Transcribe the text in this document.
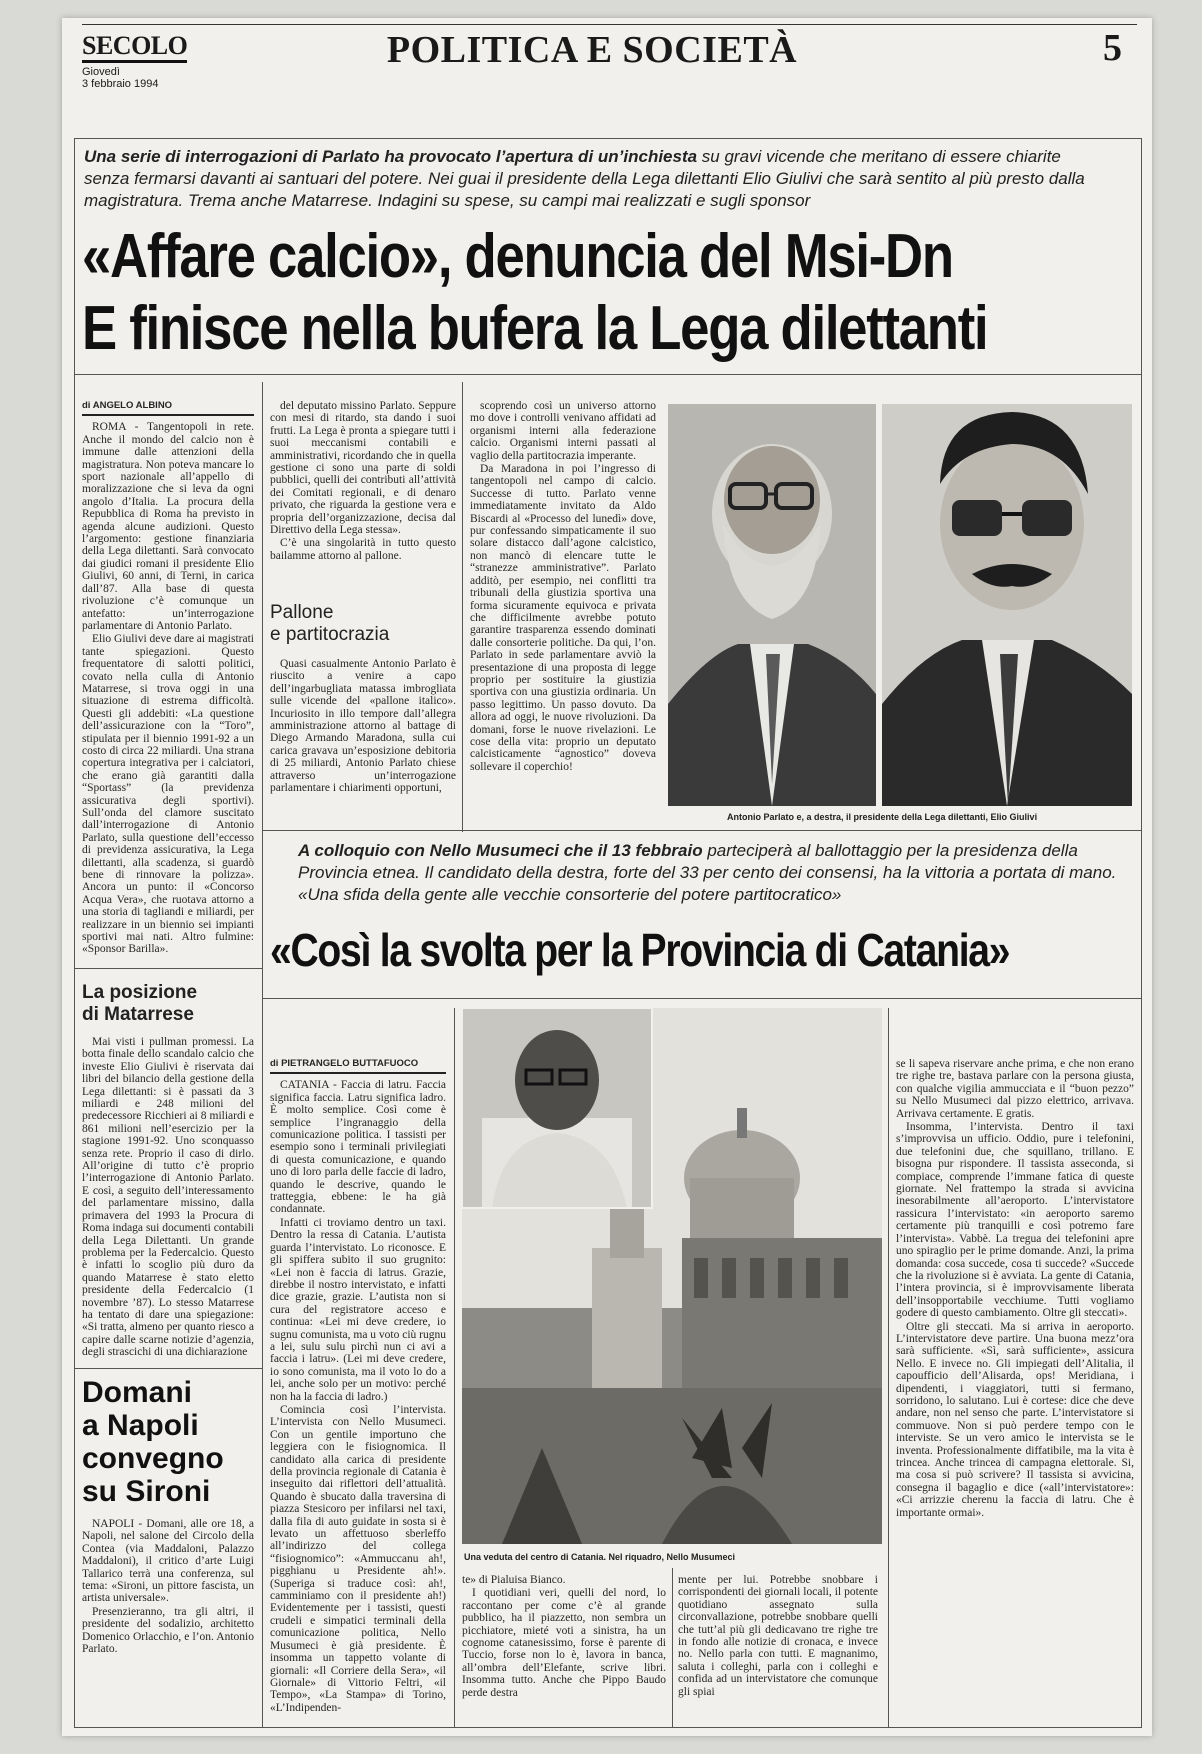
SECOLO
Giovedì
3 febbraio 1994
POLITICA E SOCIETÀ	5
Una serie di interrogazioni di Parlato ha provocato l’apertura di un’inchiesta su gravi vicende che meritano di essere chiarite senza fermarsi davanti ai santuari del potere. Nei guai il presidente della Lega dilettanti Elio Giulivi che sarà sentito al più presto dalla magistratura. Trema anche Matarrese. Indagini su spese, su campi mai realizzati e sugli sponsor
«Affare calcio», denuncia del Msi-Dn
E finisce nella bufera la Lega dilettanti
di ANGELO ALBINO

ROMA - Tangentopoli in rete. Anche il mondo del calcio non è immune dalle attenzioni della magistratura. Non poteva mancare lo sport nazionale all’appello di moralizzazione che si leva da ogni angolo d’Italia. La procura della Repubblica di Roma ha previsto in agenda alcune audizioni. Questo l’argomento: gestione finanziaria della Lega dilettanti. Sarà convocato dai giudici romani il presidente Elio Giulivi, 60 anni, di Terni, in carica dall’87. Alla base di questa rivoluzione c’è comunque un antefatto: un’interrogazione parlamentare di Antonio Parlato.

Elio Giulivi deve dare ai magistrati tante spiegazioni. Questo frequentatore di salotti politici, covato nella culla di Antonio Matarrese, si trova oggi in una situazione di estrema difficoltà. Questi gli addebiti: «La questione dell’assicurazione con la “Toro”, stipulata per il biennio 1991-92 a un costo di circa 22 miliardi. Una strana copertura integrativa per i calciatori, che erano già garantiti dalla “Sportass” (la previdenza assicurativa degli sportivi). Sull’onda del clamore suscitato dall’interrogazione di Antonio Parlato, sulla questione dell’eccesso di previdenza assicurativa, la Lega dilettanti, alla scadenza, si guardò bene di rinnovare la polizza». Ancora un punto: il «Concorso Acqua Vera», che ruotava attorno a una storia di tagliandi e miliardi, per realizzare in un biennio sei impianti sportivi mai nati. Altro fulmine: «Sponsor Barilla».

del deputato missino Parlato. Seppure con mesi di ritardo, sta dando i suoi frutti. La Lega è pronta a spiegare tutti i suoi meccanismi contabili e amministrativi, ricordando che in quella gestione ci sono una parte di soldi pubblici, quelli dei contributi all’attività dei Comitati regionali, e di denaro privato, che riguarda la gestione vera e propria dell’organizzazione, decisa dal Direttivo della Lega stessa».

C’è una singolarità in tutto questo bailamme attorno al pallone.

Pallone
e partitocrazia

Quasi casualmente Antonio Parlato è riuscito a venire a capo dell’ingarbugliata matassa imbrogliata sulle vicende del «pallone italico». Incuriosito in illo tempore dall’allegra amministrazione attorno al battage di Diego Armando Maradona, sulla cui carica gravava un’esposizione debitoria di 25 miliardi, Antonio Parlato chiese attraverso un’interrogazione parlamentare i chiarimenti opportuni,

scoprendo così un universo attorno mo dove i controlli venivano affidati ad organismi interni alla federazione calcio. Organismi interni passati al vaglio della partitocrazia imperante.

Da Maradona in poi l’ingresso di tangentopoli nel campo di calcio. Successe di tutto. Parlato venne immediatamente invitato da Aldo Biscardi al «Processo del lunedì» dove, pur confessando simpaticamente il suo solare distacco dall’agone calcistico, non mancò di elencare tutte le “stranezze amministrative”. Parlato additò, per esempio, nei conflitti tra tribunali della giustizia sportiva una forma sicuramente equivoca e privata che difficilmente avrebbe potuto garantire trasparenza essendo dominati dalle consorterie politiche. Da qui, l’on. Parlato in sede parlamentare avviò la presentazione di una proposta di legge proprio per sostituire la giustizia sportiva con una giustizia ordinaria. Un passo legittimo. Un passo dovuto. Da allora ad oggi, le nuove rivoluzioni. Da domani, forse le nuove rivelazioni. Le cose della vita: proprio un deputato calcisticamente “agnostico” doveva sollevare il coperchio!

Antonio Parlato e, a destra, il presidente della Lega dilettanti, Elio Giulivi
La posizione
di Matarrese

Mai visti i pullman promessi. La botta finale dello scandalo calcio che investe Elio Giulivi è riservata dai libri del bilancio della gestione della Lega dilettanti: si è passati da 3 miliardi e 248 milioni del predecessore Ricchieri ai 8 miliardi e 861 milioni nell’esercizio per la stagione 1991-92. Uno sconquasso senza rete. Proprio il caso di dirlo. All’origine di tutto c’è proprio l’interrogazione di Antonio Parlato. E così, a seguito dell’interessamento del parlamentare missino, dalla primavera del 1993 la Procura di Roma indaga sui documenti contabili della Lega Dilettanti. Un grande problema per la Federcalcio. Questo è infatti lo scoglio più duro da quando Matarrese è stato eletto presidente della Federcalcio (1 novembre ’87). Lo stesso Matarrese ha tentato di dare una spiegazione: «Si tratta, almeno per quanto riesco a capire dalle scarne notizie d’agenzia, degli strascichi di una dichiarazione

Domani
a Napoli
convegno
su Sironi

NAPOLI - Domani, alle ore 18, a Napoli, nel salone del Circolo della Contea (via Maddaloni, Palazzo Maddaloni), il critico d’arte Luigi Tallarico terrà una conferenza, sul tema: «Sironi, un pittore fascista, un artista universale».

Presenzieranno, tra gli altri, il presidente del sodalizio, architetto Domenico Orlacchio, e l’on. Antonio Parlato.

A colloquio con Nello Musumeci che il 13 febbraio parteciperà al ballottaggio per la presidenza della Provincia etnea. Il candidato della destra, forte del 33 per cento dei consensi, ha la vittoria a portata di mano. «Una sfida della gente alle vecchie consorterie del potere partitocratico»
«Così la svolta per la Provincia di Catania»
di PIETRANGELO BUTTAFUOCO

CATANIA - Faccia di latru. Faccia significa faccia. Latru significa ladro. È molto semplice. Così come è semplice l’ingranaggio della comunicazione politica. I tassisti per esempio sono i terminali privilegiati di questa comunicazione, e quando uno di loro parla delle faccie di ladro, quando le descrive, quando le tratteggia, ebbene: le ha già condannate.

Infatti ci troviamo dentro un taxi. Dentro la ressa di Catania. L’autista guarda l’intervistato. Lo riconosce. E gli spiffera subito il suo grugnito: «Lei non è faccia di latrus. Grazie, direbbe il nostro intervistato, e infatti dice grazie, grazie. L’autista non si cura del registratore acceso e continua: «Lei mi deve credere, io sugnu comunista, ma u voto ciù rugnu a lei, sulu sulu pirchì nun ci avi a faccia i latru». (Lei mi deve credere, io sono comunista, ma il voto lo do a lei, anche solo per un motivo: perché non ha la faccia di ladro.)

Comincia così l’intervista. L’intervista con Nello Musumeci. Con un gentile importuno che leggiera con le fisiognomica. Il candidato alla carica di presidente della provincia regionale di Catania è inseguito dai riflettori dell’attualità. Quando è sbucato dalla traversina di piazza Stesicoro per infilarsi nel taxi, dalla fila di auto guidate in sosta si è levato un affettuoso sberleffo all’indirizzo del collega “fisiognomico”: «Ammuccanu ah!, pigghianu u Presidente ah!». (Superiga si traduce così: ah!, camminiamo con il presidente ah!) Evidentemente per i tassisti, questi crudeli e simpatici terminali della comunicazione politica, Nello Musumeci è già presidente. È insomma un tappetto volante di giornali: «Il Corriere della Sera», «il Giornale» di Vittorio Feltri, «il Tempo», «La Stampa» di Torino, «L’Indipenden-

Una veduta del centro di Catania. Nel riquadro, Nello Musumeci

te» di Pialuisa Bianco.

I quotidiani veri, quelli del nord, lo raccontano per come c’è al grande pubblico, ha il piazzetto, non sembra un picchiatore, mieté voti a sinistra, ha un cognome catanesissimo, forse è parente di Tuccio, forse non lo è, lavora in banca, all’ombra dell’Elefante, scrive libri. Insomma tutto. Anche che Pippo Baudo perde destra

mente per lui. Potrebbe snobbare i corrispondenti dei giornali locali, il potente quotidiano assegnato sulla circonvallazione, potrebbe snobbare quelli che tutt’al più gli dedicavano tre righe tre in fondo alle notizie di cronaca, e invece no. Nello parla con tutti. E magnanimo, saluta i colleghi, parla con i colleghi e confida ad un intervistatore che comunque gli spiai

se li sapeva riservare anche prima, e che non erano tre righe tre, bastava parlare con la persona giusta, con qualche vigilia ammucciata e il “buon pezzo” su Nello Musumeci dal pizzo elettrico, arrivava. Arrivava certamente. E gratis.

Insomma, l’intervista. Dentro il taxi s’improvvisa un ufficio. Oddio, pure i telefonini, due telefonini due, che squillano, trillano. E bisogna pur rispondere. Il tassista asseconda, si compiace, comprende l’immane fatica di queste giornate. Nel frattempo la strada si avvicina inesorabilmente all’aeroporto. L’intervistatore rassicura l’intervistato: «in aeroporto saremo certamente più tranquilli e così potremo fare l’intervista». Vabbè. La tregua dei telefonini apre uno spiraglio per le prime domande. Anzi, la prima domanda: cosa succede, cosa ti succede? «Succede che la rivoluzione si è avviata. La gente di Catania, l’intera provincia, si è improvvisamente liberata dell’insopportabile vecchiume. Tutti vogliamo godere di questo cambiamento. Oltre gli steccati».

Oltre gli steccati. Ma si arriva in aeroporto. L’intervistatore deve partire. Una buona mezz’ora sarà sufficiente. «Sì, sarà sufficiente», assicura Nello. E invece no. Gli impiegati dell’Alitalia, il capoufficio dell’Alisarda, ops! Meridiana, i dipendenti, i viaggiatori, tutti si fermano, sorridono, lo salutano. Lui è cortese: dice che deve andare, non nel senso che parte. L’intervistatore si commuove. Non si può perdere tempo con le interviste. Se un vero amico le intervista se le inventa. Professionalmente diffatibile, ma la vita è trincea. Anche trincea di campagna elettorale. Si, ma cosa si può scrivere? Il tassista si avvicina, consegna il bagaglio e dice («all’intervistatore»: «Ci arrizzie cherenu la faccia di latru. Che è importante ormai».
